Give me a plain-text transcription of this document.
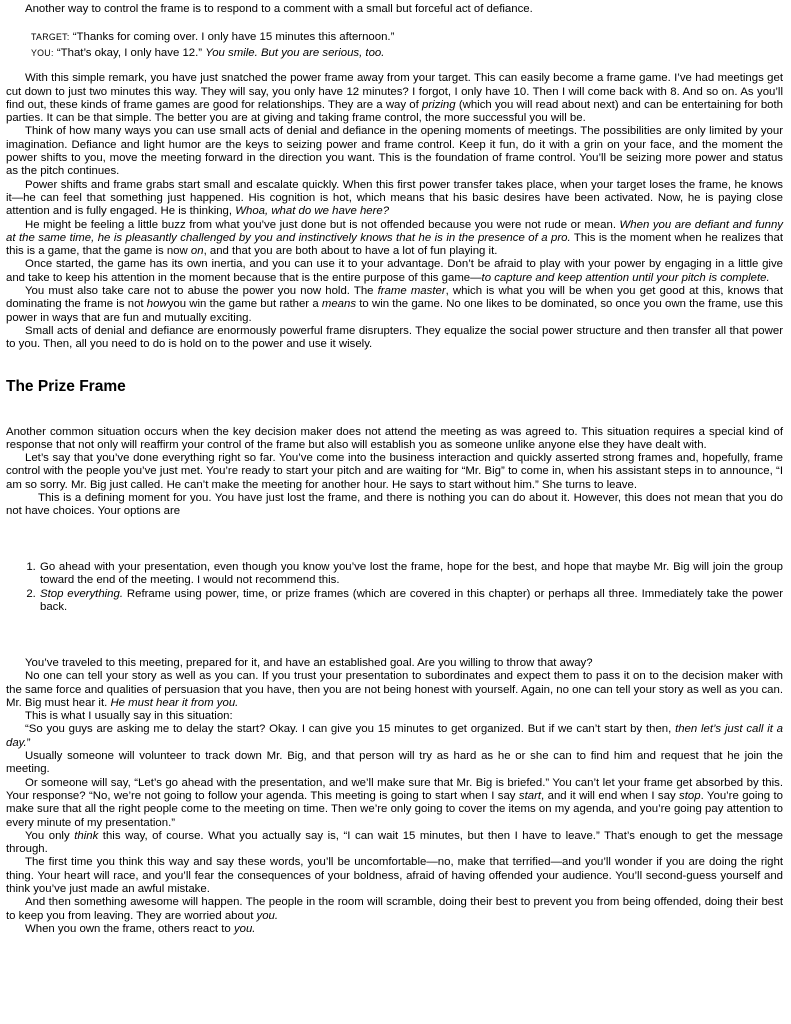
Another way to control the frame is to respond to a comment with a small but forceful act of defiance.

TARGET: “Thanks for coming over. I only have 15 minutes this afternoon.”

YOU: “That’s okay, I only have 12.” You smile. But you are serious, too.

With this simple remark, you have just snatched the power frame away from your target. This can easily become a frame game. I’ve had meetings get cut down to just two minutes this way. They will say, you only have 12 minutes? I forgot, I only have 10. Then I will come back with 8. And so on. As you’ll find out, these kinds of frame games are good for relationships. They are a way of prizing (which you will read about next) and can be entertaining for both parties. It can be that simple. The better you are at giving and taking frame control, the more successful you will be.

Think of how many ways you can use small acts of denial and defiance in the opening moments of meetings. The possibilities are only limited by your imagination. Defiance and light humor are the keys to seizing power and frame control. Keep it fun, do it with a grin on your face, and the moment the power shifts to you, move the meeting forward in the direction you want. This is the foundation of frame control. You’ll be seizing more power and status as the pitch continues.

Power shifts and frame grabs start small and escalate quickly. When this first power transfer takes place, when your target loses the frame, he knows it—he can feel that something just happened. His cognition is hot, which means that his basic desires have been activated. Now, he is paying close attention and is fully engaged. He is thinking, Whoa, what do we have here?

He might be feeling a little buzz from what you’ve just done but is not offended because you were not rude or mean. When you are defiant and funny at the same time, he is pleasantly challenged by you and instinctively knows that he is in the presence of a pro. This is the moment when he realizes that this is a game, that the game is now on, and that you are both about to have a lot of fun playing it.

Once started, the game has its own inertia, and you can use it to your advantage. Don’t be afraid to play with your power by engaging in a little give and take to keep his attention in the moment because that is the entire purpose of this game—to capture and keep attention until your pitch is complete.

You must also take care not to abuse the power you now hold. The frame master, which is what you will be when you get good at this, knows that dominating the frame is not howyou win the game but rather a means to win the game. No one likes to be dominated, so once you own the frame, use this power in ways that are fun and mutually exciting.

Small acts of denial and defiance are enormously powerful frame disrupters. They equalize the social power structure and then transfer all that power to you. Then, all you need to do is hold on to the power and use it wisely.

The Prize Frame

Another common situation occurs when the key decision maker does not attend the meeting as was agreed to. This situation requires a special kind of response that not only will reaffirm your control of the frame but also will establish you as someone unlike anyone else they have dealt with.

Let’s say that you’ve done everything right so far. You’ve come into the business interaction and quickly asserted strong frames and, hopefully, frame control with the people you’ve just met. You’re ready to start your pitch and are waiting for “Mr. Big” to come in, when his assistant steps in to announce, “I am so sorry. Mr. Big just called. He can’t make the meeting for another hour. He says to start without him.” She turns to leave.

This is a defining moment for you. You have just lost the frame, and there is nothing you can do about it. However, this does not mean that you do not have choices. Your options are

1. Go ahead with your presentation, even though you know you’ve lost the frame, hope for the best, and hope that maybe Mr. Big will join the group toward the end of the meeting. I would not recommend this.
2. Stop everything. Reframe using power, time, or prize frames (which are covered in this chapter) or perhaps all three. Immediately take the power back.

You’ve traveled to this meeting, prepared for it, and have an established goal. Are you willing to throw that away?

No one can tell your story as well as you can. If you trust your presentation to subordinates and expect them to pass it on to the decision maker with the same force and qualities of persuasion that you have, then you are not being honest with yourself. Again, no one can tell your story as well as you can. Mr. Big must hear it. He must hear it from you.

This is what I usually say in this situation:

“So you guys are asking me to delay the start? Okay. I can give you 15 minutes to get organized. But if we can’t start by then, then let’s just call it a day.”

Usually someone will volunteer to track down Mr. Big, and that person will try as hard as he or she can to find him and request that he join the meeting.

Or someone will say, “Let’s go ahead with the presentation, and we’ll make sure that Mr. Big is briefed.” You can’t let your frame get absorbed by this. Your response? “No, we’re not going to follow your agenda. This meeting is going to start when I say start, and it will end when I say stop. You’re going to make sure that all the right people come to the meeting on time. Then we’re only going to cover the items on my agenda, and you’re going pay attention to every minute of my presentation.”

You only think this way, of course. What you actually say is, “I can wait 15 minutes, but then I have to leave.” That’s enough to get the message through.

The first time you think this way and say these words, you’ll be uncomfortable—no, make that terrified—and you’ll wonder if you are doing the right thing. Your heart will race, and you’ll fear the consequences of your boldness, afraid of having offended your audience. You’ll second-guess yourself and think you’ve just made an awful mistake.

And then something awesome will happen. The people in the room will scramble, doing their best to prevent you from being offended, doing their best to keep you from leaving. They are worried about you.

When you own the frame, others react to you.
